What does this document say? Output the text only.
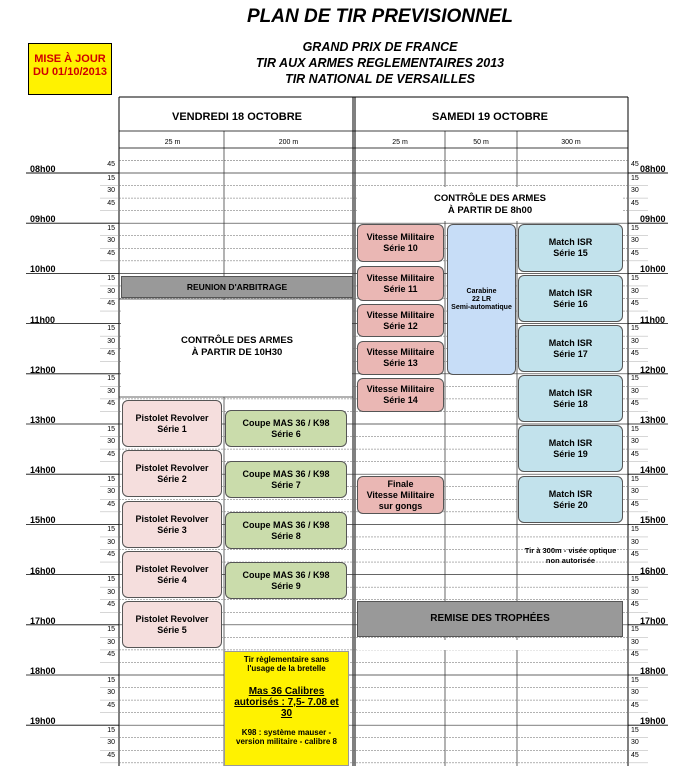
PLAN DE TIR PREVISIONNEL
GRAND PRIX DE FRANCE
TIR AUX ARMES REGLEMENTAIRES 2013
TIR NATIONAL DE VERSAILLES
MISE À JOUR
DU 01/10/2013
VENDREDI 18 OCTOBRE	SAMEDI 19 OCTOBRE
25 m	200 m	25 m	50 m	300 m
45	45
08h00	08h00
15	15
30	30
45	45
09h00	09h00
15	15
30	30
45	45
10h00	10h00
15	15
30	30
45	45
11h00	11h00
15	15
30	30
45	45
12h00	12h00
15	15
30	30
45	45
13h00	13h00
15	15
30	30
45	45
14h00	14h00
15	15
30	30
45	45
15h00	15h00
15	15
30	30
45	45
16h00	16h00
15	15
30	30
45	45
17h00	17h00
15	15
30	30
45	45
18h00	18h00
15	15
30	30
45	45
19h00	19h00
15	15
30	30
45	45
REUNION D'ARBITRAGE
CONTRÔLE DES ARMES
À PARTIR DE 10H30
Pistolet Revolver
Série 1
Pistolet Revolver
Série 2
Pistolet Revolver
Série 3
Pistolet Revolver
Série 4
Pistolet Revolver
Série 5
Coupe MAS 36 / K98
Série 6
Coupe MAS 36 / K98
Série 7
Coupe MAS 36 / K98
Série 8
Coupe MAS 36 / K98
Série 9
Tir règlementaire sans
l'usage de la bretelle
Mas 36 Calibres
autorisés : 7,5- 7.08 et
30
K98 : système mauser -
version militaire - calibre 8
CONTRÔLE DES ARMES
À PARTIR DE 8h00
Vitesse Militaire
Série 10
Vitesse Militaire
Série 11
Vitesse Militaire
Série 12
Vitesse Militaire
Série 13
Vitesse Militaire
Série 14
Finale
Vitesse Militaire
sur gongs
Carabine
22 LR
Semi-automatique
Match ISR
Série 15
Match ISR
Série 16
Match ISR
Série 17
Match ISR
Série 18
Match ISR
Série 19
Match ISR
Série 20
Tir à 300m - visée optique
non autorisée
REMISE DES TROPHÉES
